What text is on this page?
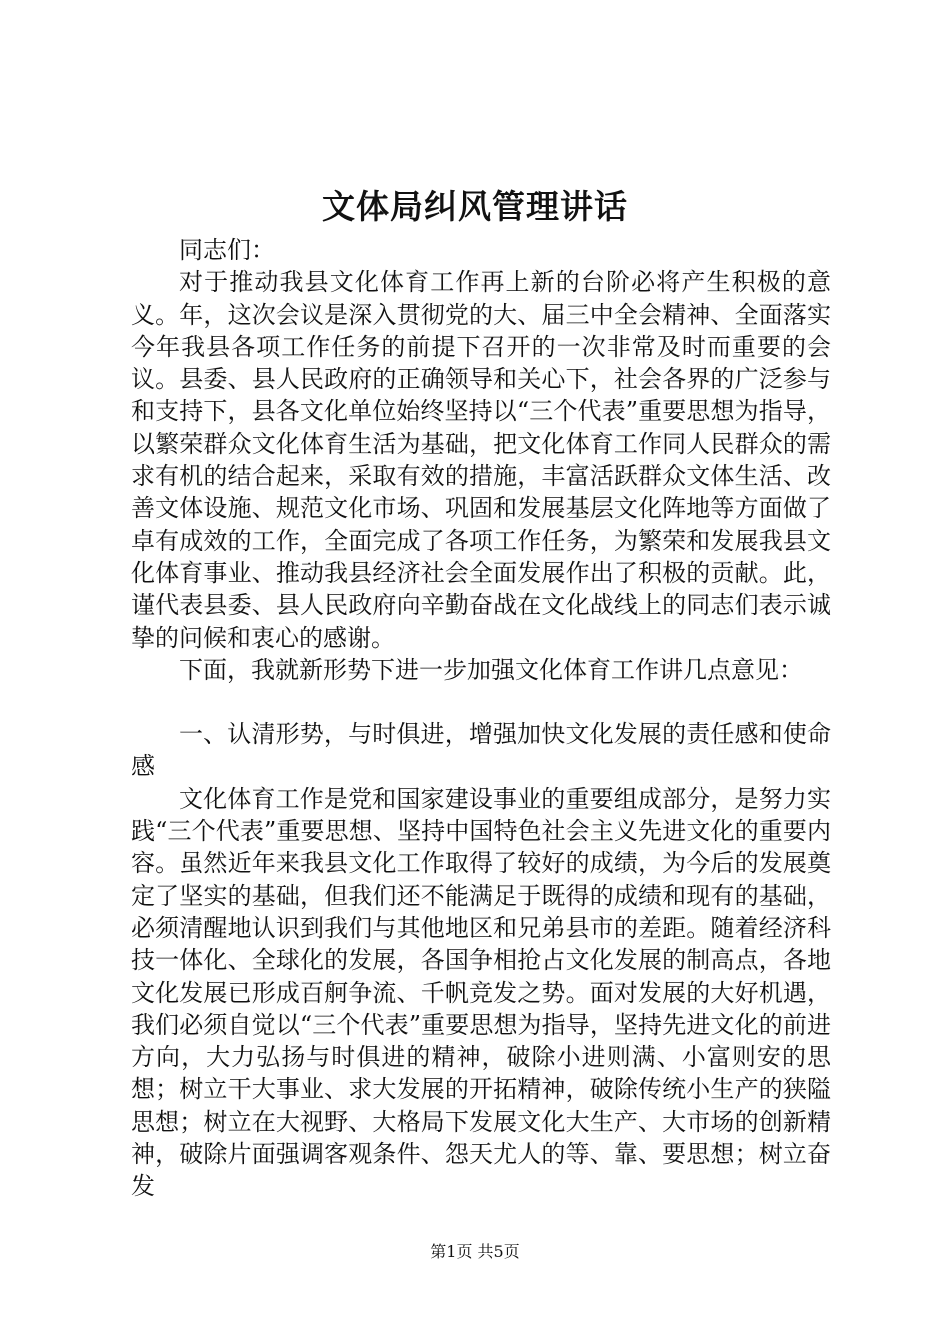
文体局纠风管理讲话

同志们：

对于推动我县文化体育工作再上新的台阶必将产生积极的意义。年，这次会议是深入贯彻党的大、届三中全会精神、全面落实今年我县各项工作任务的前提下召开的一次非常及时而重要的会议。县委、县人民政府的正确领导和关心下，社会各界的广泛参与和支持下，县各文化单位始终坚持以“三个代表”重要思想为指导，以繁荣群众文化体育生活为基础，把文化体育工作同人民群众的需求有机的结合起来，采取有效的措施，丰富活跃群众文体生活、改善文体设施、规范文化市场、巩固和发展基层文化阵地等方面做了卓有成效的工作，全面完成了各项工作任务，为繁荣和发展我县文化体育事业、推动我县经济社会全面发展作出了积极的贡献。此，谨代表县委、县人民政府向辛勤奋战在文化战线上的同志们表示诚挚的问候和衷心的感谢。

下面，我就新形势下进一步加强文化体育工作讲几点意见：

一、认清形势，与时俱进，增强加快文化发展的责任感和使命感

文化体育工作是党和国家建设事业的重要组成部分，是努力实践“三个代表”重要思想、坚持中国特色社会主义先进文化的重要内容。虽然近年来我县文化工作取得了较好的成绩，为今后的发展奠定了坚实的基础，但我们还不能满足于既得的成绩和现有的基础，必须清醒地认识到我们与其他地区和兄弟县市的差距。随着经济科技一体化、全球化的发展，各国争相抢占文化发展的制高点，各地文化发展已形成百舸争流、千帆竞发之势。面对发展的大好机遇，我们必须自觉以“三个代表”重要思想为指导，坚持先进文化的前进方向，大力弘扬与时俱进的精神，破除小进则满、小富则安的思想；树立干大事业、求大发展的开拓精神，破除传统小生产的狭隘思想；树立在大视野、大格局下发展文化大生产、大市场的创新精神，破除片面强调客观条件、怨天尤人的等、靠、要思想；树立奋发

第1页 共5页
